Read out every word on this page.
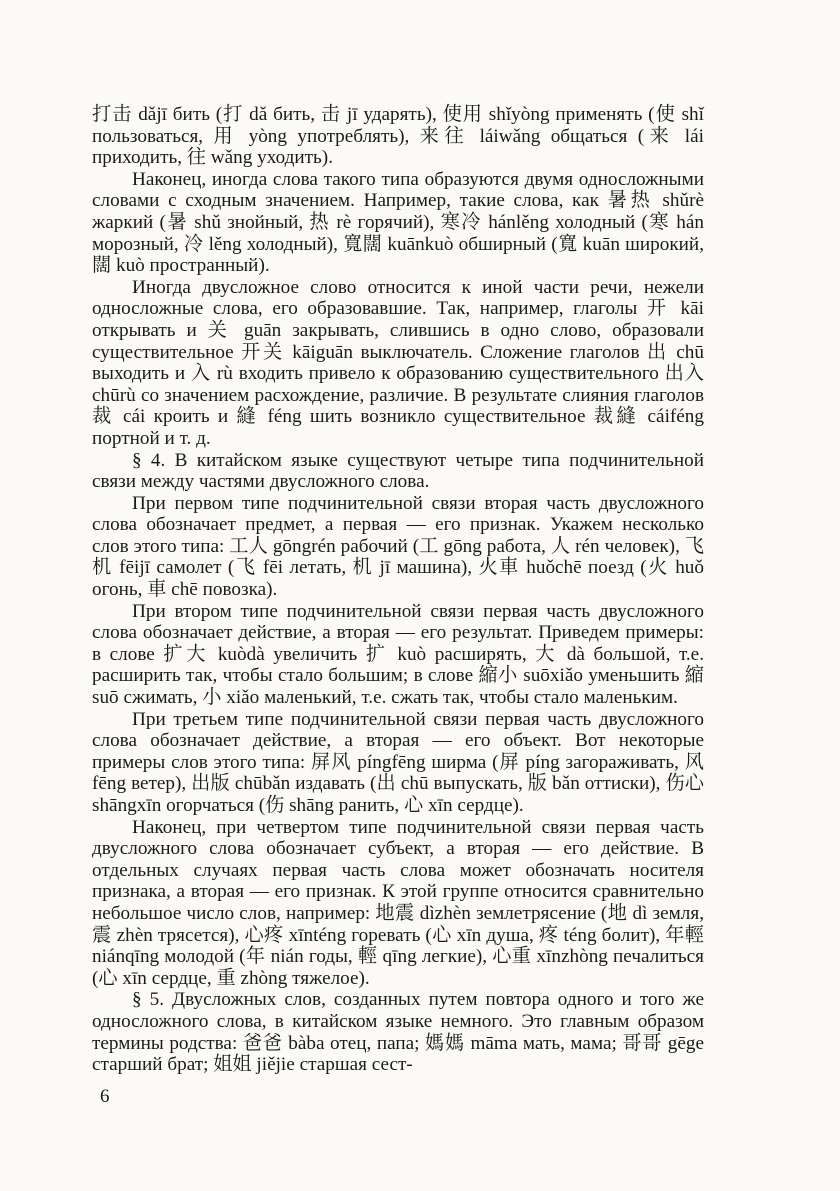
打击 dǎjī бить (打 dǎ бить, 击 jī ударять), 使用 shǐyòng применять (使 shǐ пользоваться, 用 yòng употреблять), 来往 láiwǎng общаться (来 lái приходить, 往 wǎng уходить).

Наконец, иногда слова такого типа образуются двумя односложными словами с сходным значением. Например, такие слова, как 暑热 shǔrè жаркий (暑 shǔ знойный, 热 rè горячий), 寒冷 hánlěng холодный (寒 hán морозный, 冷 lěng холодный), 寬闊 kuānkuò обширный (寬 kuān широкий, 闊 kuò пространный).

Иногда двусложное слово относится к иной части речи, нежели односложные слова, его образовавшие. Так, например, глаголы 开 kāi открывать и 关 guān закрывать, слившись в одно слово, образовали существительное 开关 kāiguān выключатель. Сложение глаголов 出 chū выходить и 入 rù входить привело к образованию существительного 出入 chūrù со значением расхождение, различие. В результате слияния глаголов 裁 cái кроить и 縫 féng шить возникло существительное 裁縫 cáiféng портной и т. д.

§ 4. В китайском языке существуют четыре типа подчинительной связи между частями двусложного слова.

При первом типе подчинительной связи вторая часть двусложного слова обозначает предмет, а первая — его признак. Укажем несколько слов этого типа: 工人 gōngrén рабочий (工 gōng работа, 人 rén человек), 飞机 fēijī самолет (飞 fēi летать, 机 jī машина), 火車 huǒchē поезд (火 huǒ огонь, 車 chē повозка).

При втором типе подчинительной связи первая часть двусложного слова обозначает действие, а вторая — его результат. Приведем примеры: в слове 扩大 kuòdà увеличить 扩 kuò расширять, 大 dà большой, т.е. расширить так, чтобы стало большим; в слове 縮小 suōxiǎo уменьшить 縮 suō сжимать, 小 xiǎo маленький, т.е. сжать так, чтобы стало маленьким.

При третьем типе подчинительной связи первая часть двусложного слова обозначает действие, а вторая — его объект. Вот некоторые примеры слов этого типа: 屏风 píngfēng ширма (屏 píng загораживать, 风 fēng ветер), 出版 chūbǎn издавать (出 chū выпускать, 版 bǎn оттиски), 伤心 shāngxīn огорчаться (伤 shāng ранить, 心 xīn сердце).

Наконец, при четвертом типе подчинительной связи первая часть двусложного слова обозначает субъект, а вторая — его действие. В отдельных случаях первая часть слова может обозначать носителя признака, а вторая — его признак. К этой группе относится сравнительно небольшое число слов, например: 地震 dìzhèn землетрясение (地 dì земля, 震 zhèn трясется), 心疼 xīnténg горевать (心 xīn душа, 疼 téng болит), 年輕 niánqīng молодой (年 nián годы, 輕 qīng легкие), 心重 xīnzhòng печалиться (心 xīn сердце, 重 zhòng тяжелое).

§ 5. Двусложных слов, созданных путем повтора одного и того же односложного слова, в китайском языке немного. Это главным образом термины родства: 爸爸 bàba отец, папа; 媽媽 māma мать, мама; 哥哥 gēge старший брат; 姐姐 jiějie старшая сест-

6
